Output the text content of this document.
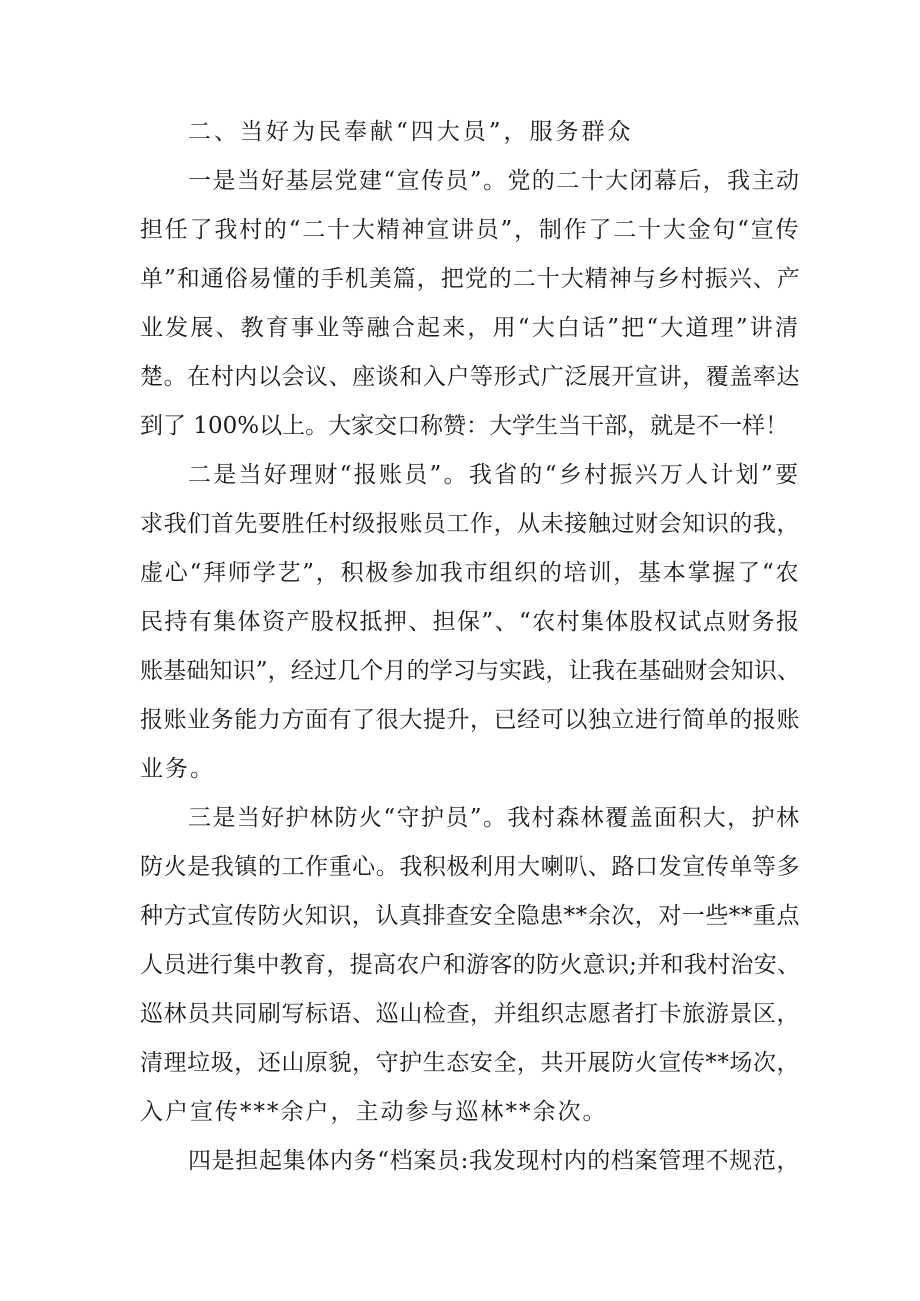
二、当好为民奉献“四大员”，服务群众
一是当好基层党建“宣传员”。党的二十大闭幕后，我主动
担任了我村的“二十大精神宣讲员”，制作了二十大金句“宣传
单”和通俗易懂的手机美篇，把党的二十大精神与乡村振兴、产
业发展、教育事业等融合起来，用“大白话”把“大道理”讲清
楚。在村内以会议、座谈和入户等形式广泛展开宣讲，覆盖率达
到了 100%以上。大家交口称赞：大学生当干部，就是不一样！
二是当好理财“报账员”。我省的“乡村振兴万人计划”要
求我们首先要胜任村级报账员工作，从未接触过财会知识的我，
虚心“拜师学艺”，积极参加我市组织的培训，基本掌握了“农
民持有集体资产股权抵押、担保”、“农村集体股权试点财务报
账基础知识”，经过几个月的学习与实践，让我在基础财会知识、
报账业务能力方面有了很大提升，已经可以独立进行简单的报账
业务。
三是当好护林防火“守护员”。我村森林覆盖面积大，护林
防火是我镇的工作重心。我积极利用大喇叭、路口发宣传单等多
种方式宣传防火知识，认真排查安全隐患**余次，对一些**重点
人员进行集中教育，提高农户和游客的防火意识;并和我村治安、
巡林员共同刷写标语、巡山检查，并组织志愿者打卡旅游景区，
清理垃圾，还山原貌，守护生态安全，共开展防火宣传**场次，
入户宣传***余户，主动参与巡林**余次。
四是担起集体内务“档案员:我发现村内的档案管理不规范，
